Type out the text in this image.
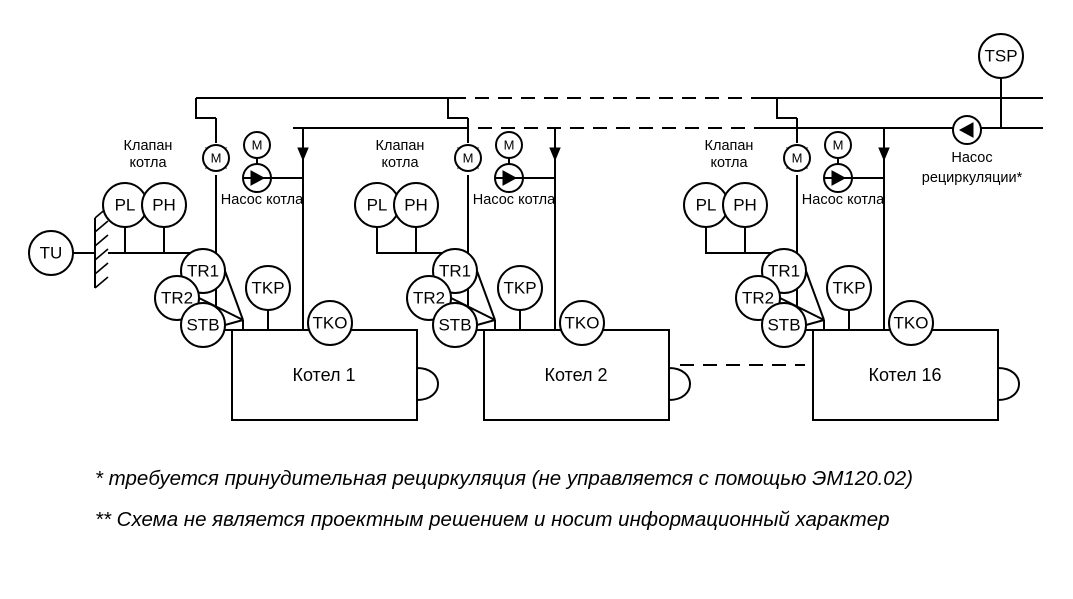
TSP
TU
Котел 1
M
Клапан
котла
M
Насос котла
PL PH
TR1
TR2
STB
TKP
TKO
Котел 2
M
Клапан
котла
M
Насос котла
PL PH
TR1
TR2
STB
TKP
TKO
Котел 16
M
Клапан
котла
M
Насос котла
PL PH
TR1
TR2
STB
TKP
TKO
Насос
рециркуляции*
* требуется принудительная рециркуляция (не управляется с помощью ЭМ120.02)
** Схема не является проектным решением и носит информационный характер
